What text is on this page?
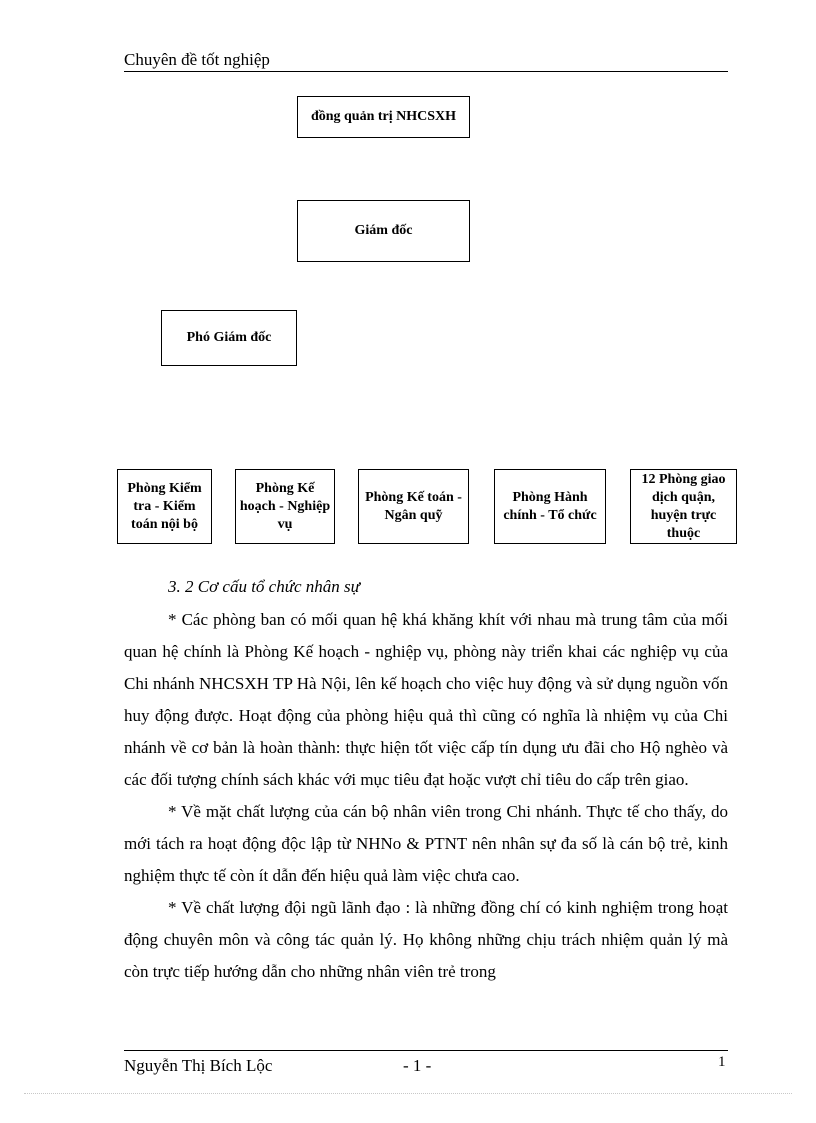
Chuyên đề tốt nghiệp
đồng quản trị NHCSXH
Giám đốc
Phó Giám đốc
Phòng Kiểm tra - Kiểm toán nội bộ
Phòng Kế hoạch - Nghiệp vụ
Phòng Kế toán - Ngân quỹ
Phòng Hành chính - Tổ chức
12 Phòng giao dịch quận, huyện trực thuộc
3. 2 Cơ cấu tổ chức nhân sự

* Các phòng ban có mối quan hệ khá khăng khít với nhau mà trung tâm của mối quan hệ chính là Phòng Kế hoạch - nghiệp vụ, phòng này triển khai các nghiệp vụ của Chi nhánh NHCSXH TP Hà Nội, lên kế hoạch cho việc huy động và sử dụng nguồn vốn huy động được. Hoạt động của phòng hiệu quả thì cũng có nghĩa là nhiệm vụ của Chi nhánh về cơ bản là hoàn thành: thực hiện tốt việc cấp tín dụng ưu đãi cho Hộ nghèo và các đối tượng chính sách khác với mục tiêu đạt hoặc vượt chỉ tiêu do cấp trên giao.

* Về mặt chất lượng của cán bộ nhân viên trong Chi nhánh. Thực tế cho thấy, do mới tách ra hoạt động độc lập từ NHNo & PTNT nên nhân sự đa số là cán bộ trẻ, kinh nghiệm thực tế còn ít dẫn đến hiệu quả làm việc chưa cao.

* Về chất lượng đội ngũ lãnh đạo : là những đồng chí có kinh nghiệm trong hoạt động chuyên môn và công tác quản lý. Họ không những chịu trách nhiệm quản lý mà còn trực tiếp hướng dẫn cho những nhân viên trẻ trong

Nguyễn Thị Bích Lộc	- 1 -	1
